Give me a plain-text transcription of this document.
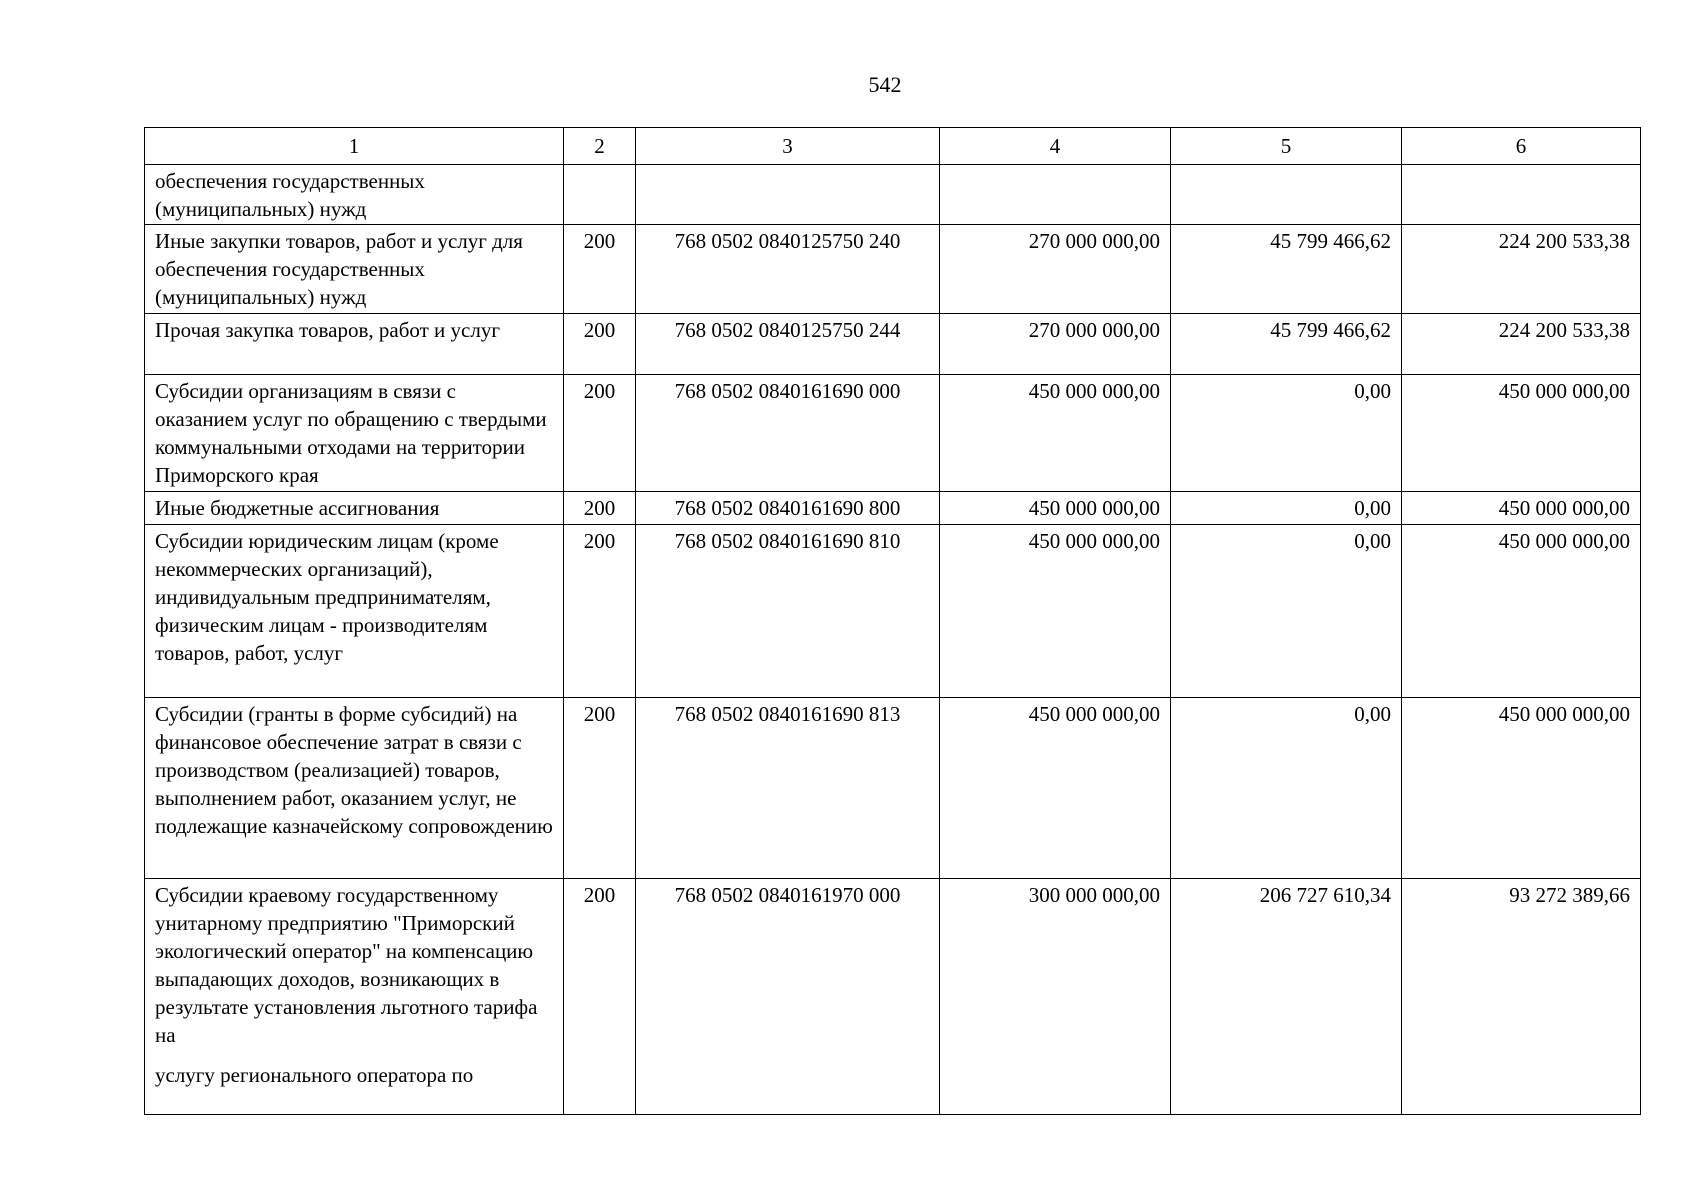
542
1	2	3	4	5	6
обеспечения государственных (муниципальных) нужд					
Иные закупки товаров, работ и услуг для обеспечения государственных (муниципальных) нужд	200	768 0502 0840125750 240	270 000 000,00	45 799 466,62	224 200 533,38
Прочая закупка товаров, работ и услуг	200	768 0502 0840125750 244	270 000 000,00	45 799 466,62	224 200 533,38
Субсидии организациям в связи с оказанием услуг по обращению с твердыми коммунальными отходами на территории Приморского края	200	768 0502 0840161690 000	450 000 000,00	0,00	450 000 000,00
Иные бюджетные ассигнования	200	768 0502 0840161690 800	450 000 000,00	0,00	450 000 000,00
Субсидии юридическим лицам (кроме некоммерческих организаций), индивидуальным предпринимателям, физическим лицам - производителям товаров, работ, услуг	200	768 0502 0840161690 810	450 000 000,00	0,00	450 000 000,00
Субсидии (гранты в форме субсидий) на финансовое обеспечение затрат в связи с производством (реализацией) товаров, выполнением работ, оказанием услуг, не подлежащие казначейскому сопровождению	200	768 0502 0840161690 813	450 000 000,00	0,00	450 000 000,00
Субсидии краевому государственному унитарному предприятию "Приморский экологический оператор" на компенсацию выпадающих доходов, возникающих в результате установления льготного тарифа на
услугу регионального оператора по	200	768 0502 0840161970 000	300 000 000,00	206 727 610,34	93 272 389,66
